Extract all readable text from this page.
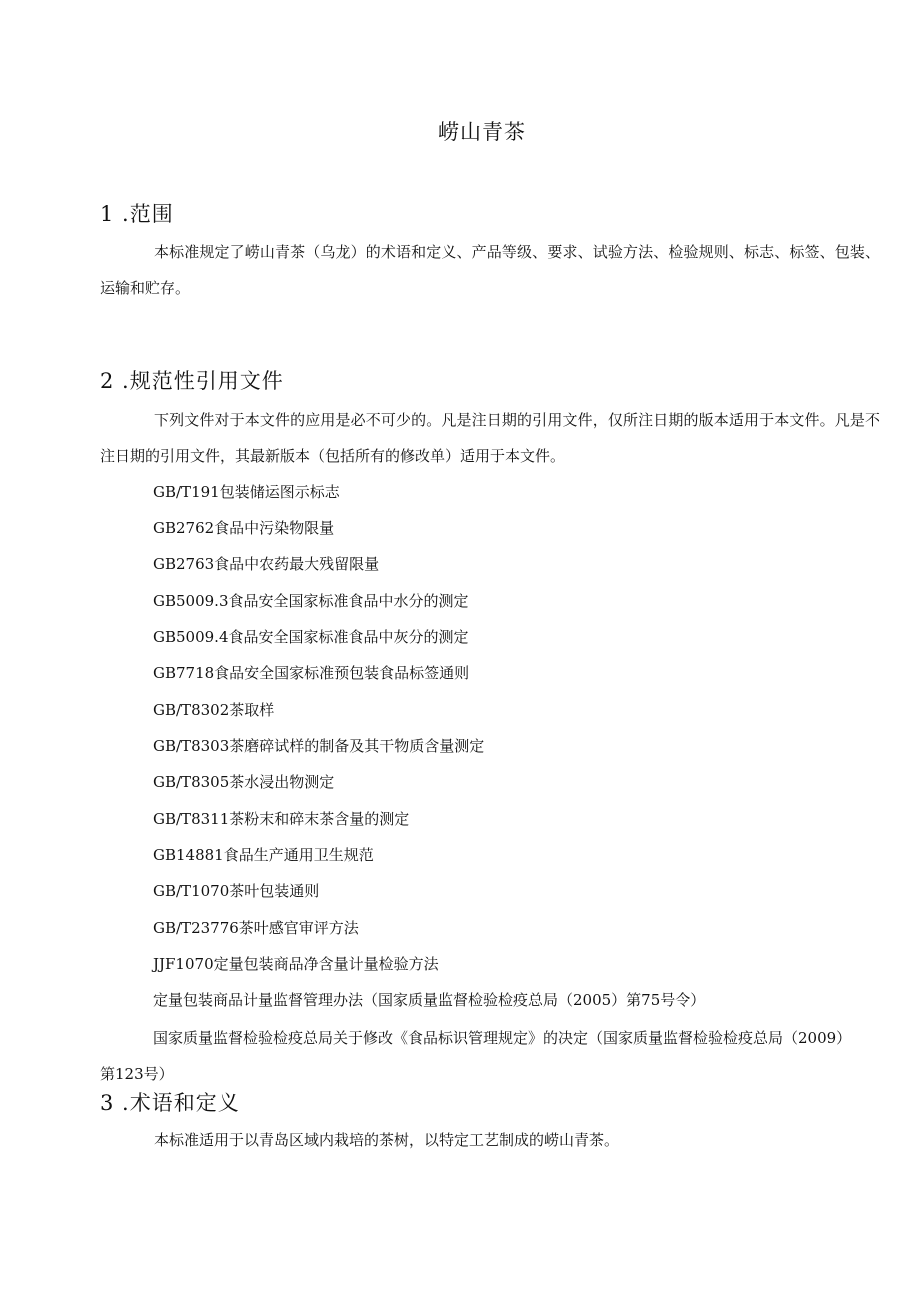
崂山青茶
1 .范围
本标准规定了崂山青茶（乌龙）的术语和定义、产品等级、要求、试验方法、检验规则、标志、标签、包装、运输和贮存。
2 .规范性引用文件
下列文件对于本文件的应用是必不可少的。凡是注日期的引用文件，仅所注日期的版本适用于本文件。凡是不注日期的引用文件，其最新版本（包括所有的修改单）适用于本文件。
GB/T191包装储运图示标志
GB2762食品中污染物限量
GB2763食品中农药最大残留限量
GB5009.3食品安全国家标准食品中水分的测定
GB5009.4食品安全国家标准食品中灰分的测定
GB7718食品安全国家标准预包装食品标签通则
GB/T8302茶取样
GB/T8303茶磨碎试样的制备及其干物质含量测定
GB/T8305茶水浸出物测定
GB/T8311茶粉末和碎末茶含量的测定
GB14881食品生产通用卫生规范
GB/T1070茶叶包装通则
GB/T23776茶叶感官审评方法
JJF1070定量包装商品净含量计量检验方法
定量包装商品计量监督管理办法（国家质量监督检验检疫总局（2005）第75号令）
国家质量监督检验检疫总局关于修改《食品标识管理规定》的决定（国家质量监督检验检疫总局（2009）第123号）
3 .术语和定义
本标准适用于以青岛区域内栽培的茶树，以特定工艺制成的崂山青茶。
